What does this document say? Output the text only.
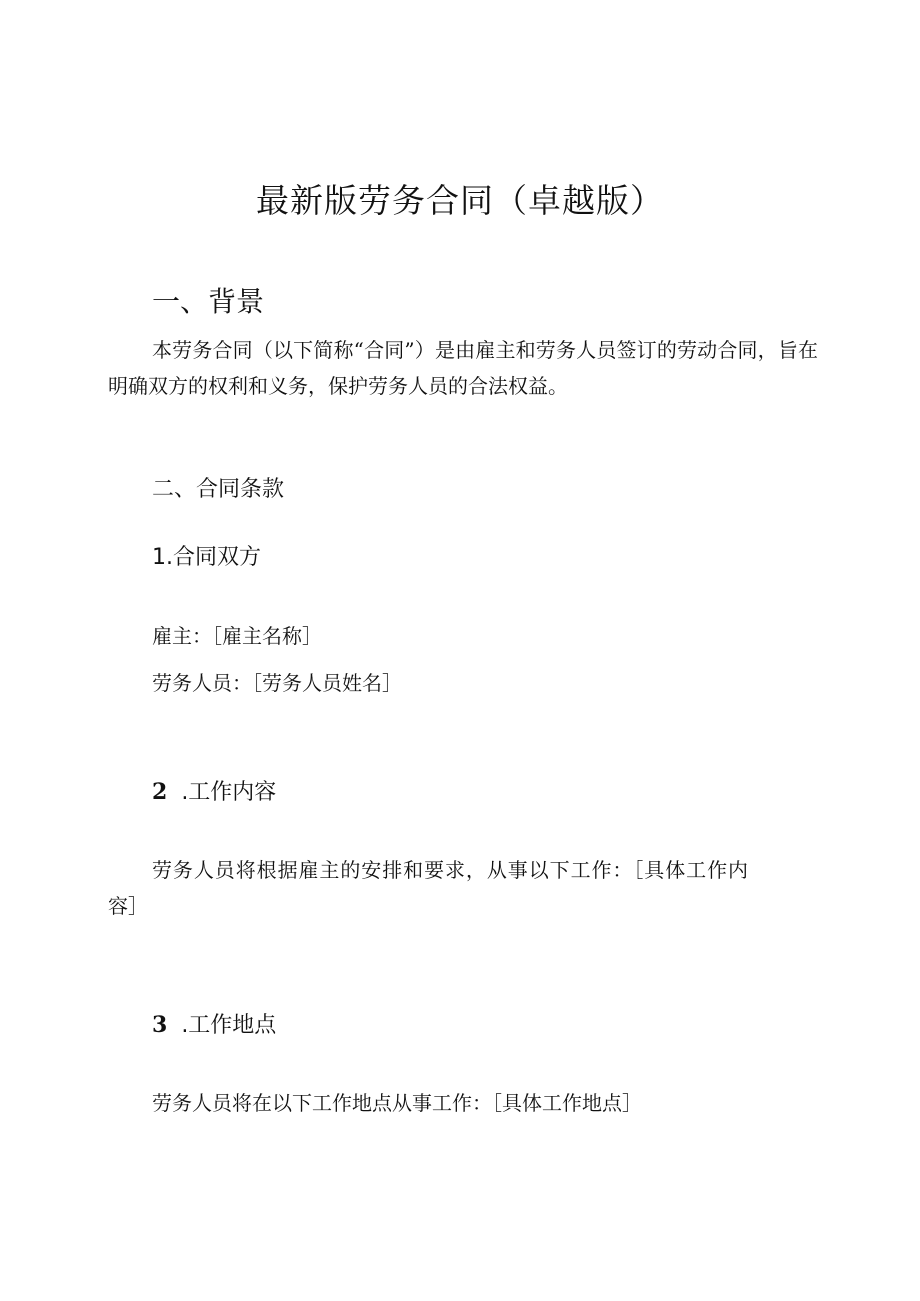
最新版劳务合同（卓越版）
一、背景
本劳务合同（以下简称“合同”）是由雇主和劳务人员签订的劳动合同，旨在明确双方的权利和义务，保护劳务人员的合法权益。
二、合同条款
1.合同双方
雇主：［雇主名称］
劳务人员：［劳务人员姓名］
2 .工作内容
劳务人员将根据雇主的安排和要求，从事以下工作：［具体工作内容］
3 .工作地点
劳务人员将在以下工作地点从事工作：［具体工作地点］
